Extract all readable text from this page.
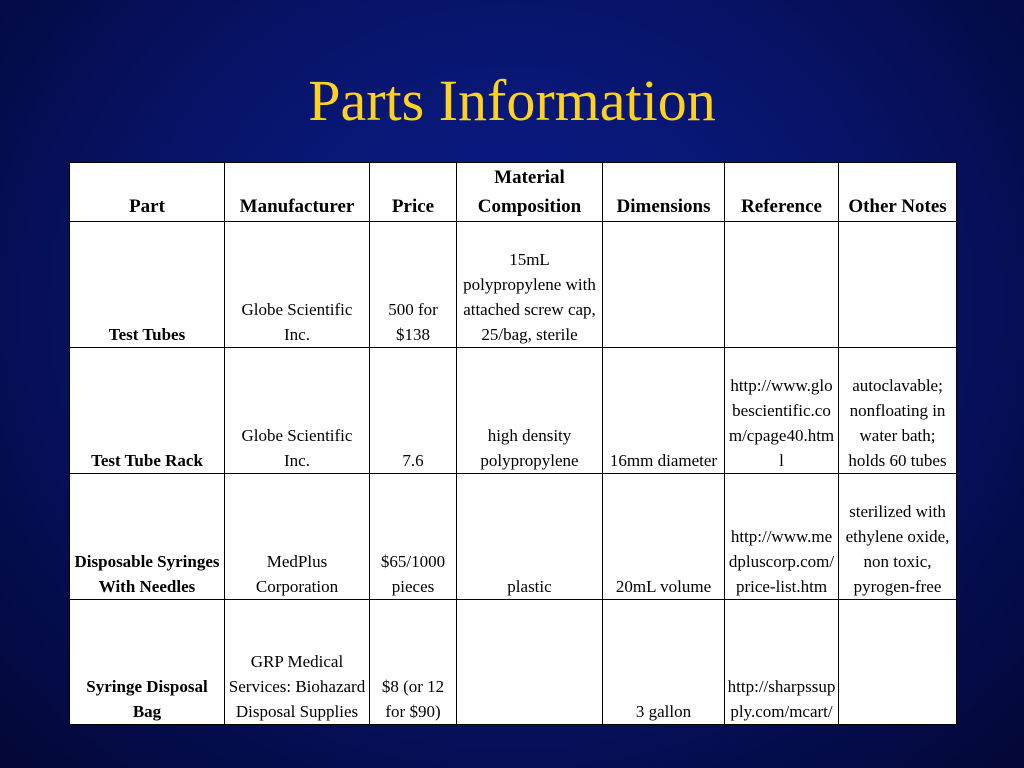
Parts Information
Part	Manufacturer	Price	Material Composition	Dimensions	Reference	Other Notes
Test Tubes	Globe Scientific Inc.	500 for $138	15mL polypropylene with attached screw cap, 25/bag, sterile			
Test Tube Rack	Globe Scientific Inc.	7.6	high density polypropylene	16mm diameter	http://www.globescientific.com/cpage40.html	autoclavable; nonfloating in water bath; holds 60 tubes
Disposable Syringes With Needles	MedPlus Corporation	$65/1000 pieces	plastic	20mL volume	http://www.medpluscorp.com/price-list.htm	sterilized with ethylene oxide, non toxic, pyrogen-free
Syringe Disposal Bag	GRP Medical Services: Biohazard Disposal Supplies	$8 (or 12 for $90)		3 gallon	http://sharpssupply.com/mcart/	
